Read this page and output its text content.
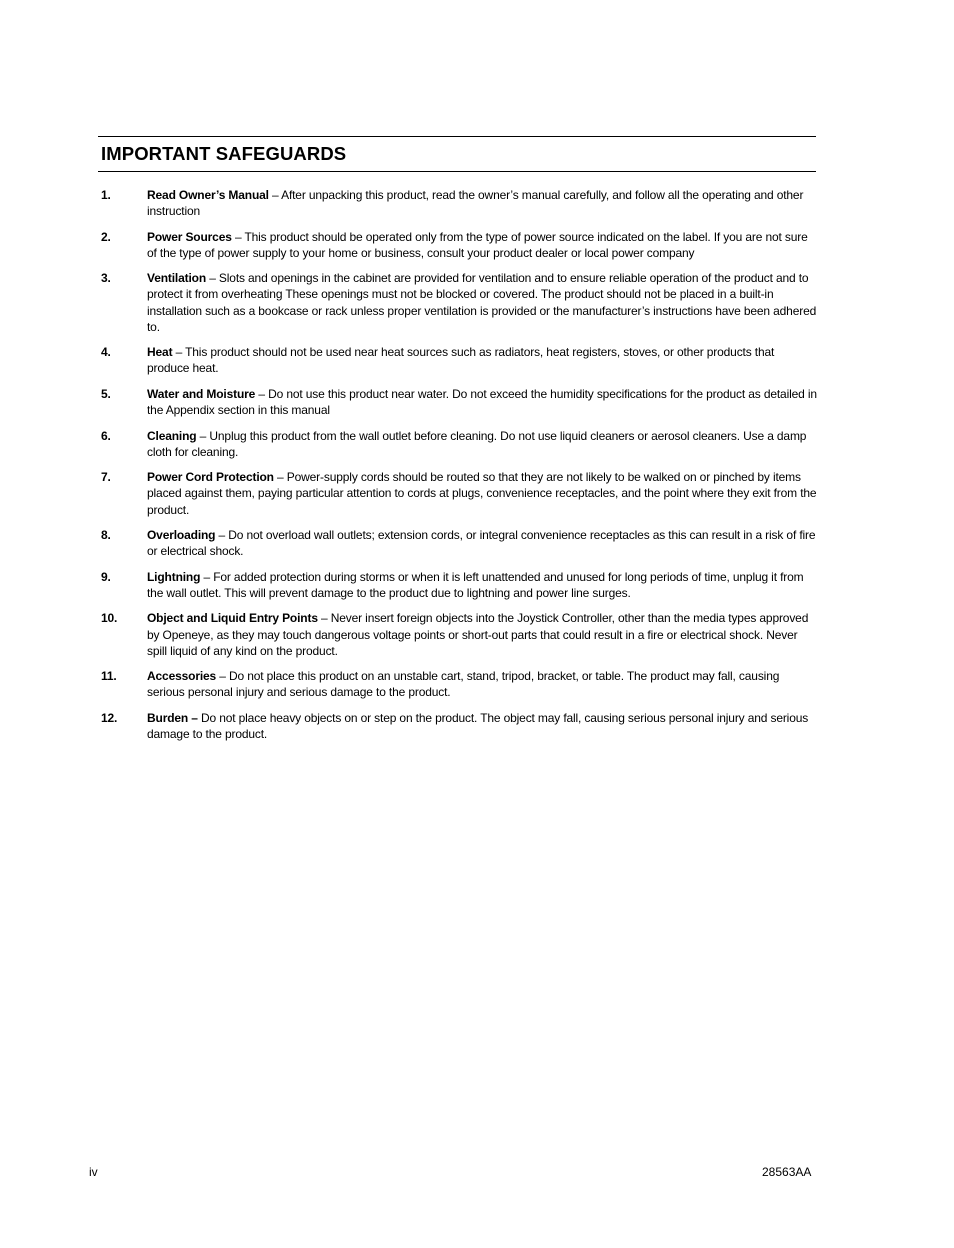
IMPORTANT SAFEGUARDS
1.	Read Owner’s Manual – After unpacking this product, read the owner’s manual carefully, and follow all the operating and other instruction
2.	Power Sources – This product should be operated only from the type of power source indicated on the label. If you are not sure of the type of power supply to your home or business, consult your product dealer or local power company
3.	Ventilation – Slots and openings in the cabinet are provided for ventilation and to ensure reliable operation of the product and to protect it from overheating These openings must not be blocked or covered. The product should not be placed in a built-in installation such as a bookcase or rack unless proper ventilation is provided or the manufacturer’s instructions have been adhered to.
4.	Heat – This product should not be used near heat sources such as radiators, heat registers, stoves, or other products that produce heat.
5.	Water and Moisture – Do not use this product near water. Do not exceed the humidity specifications for the product as detailed in the Appendix section in this manual
6.	Cleaning – Unplug this product from the wall outlet before cleaning. Do not use liquid cleaners or aerosol cleaners. Use a damp cloth for cleaning.
7.	Power Cord Protection – Power-supply cords should be routed so that they are not likely to be walked on or pinched by items placed against them, paying particular attention to cords at plugs, convenience receptacles, and the point where they exit from the product.
8.	Overloading – Do not overload wall outlets; extension cords, or integral convenience receptacles as this can result in a risk of fire or electrical shock.
9.	Lightning – For added protection during storms or when it is left unattended and unused for long periods of time, unplug it from the wall outlet. This will prevent damage to the product due to lightning and power line surges.
10. Object and Liquid Entry Points – Never insert foreign objects into the Joystick Controller, other than the media types approved by Openeye, as they may touch dangerous voltage points or short-out parts that could result in a fire or electrical shock. Never spill liquid of any kind on the product.
11.	Accessories – Do not place this product on an unstable cart, stand, tripod, bracket, or table. The product may fall, causing serious personal injury and serious damage to the product.
12. Burden – Do not place heavy objects on or step on the product. The object may fall, causing serious personal injury and serious damage to the product.
iv	28563AA
